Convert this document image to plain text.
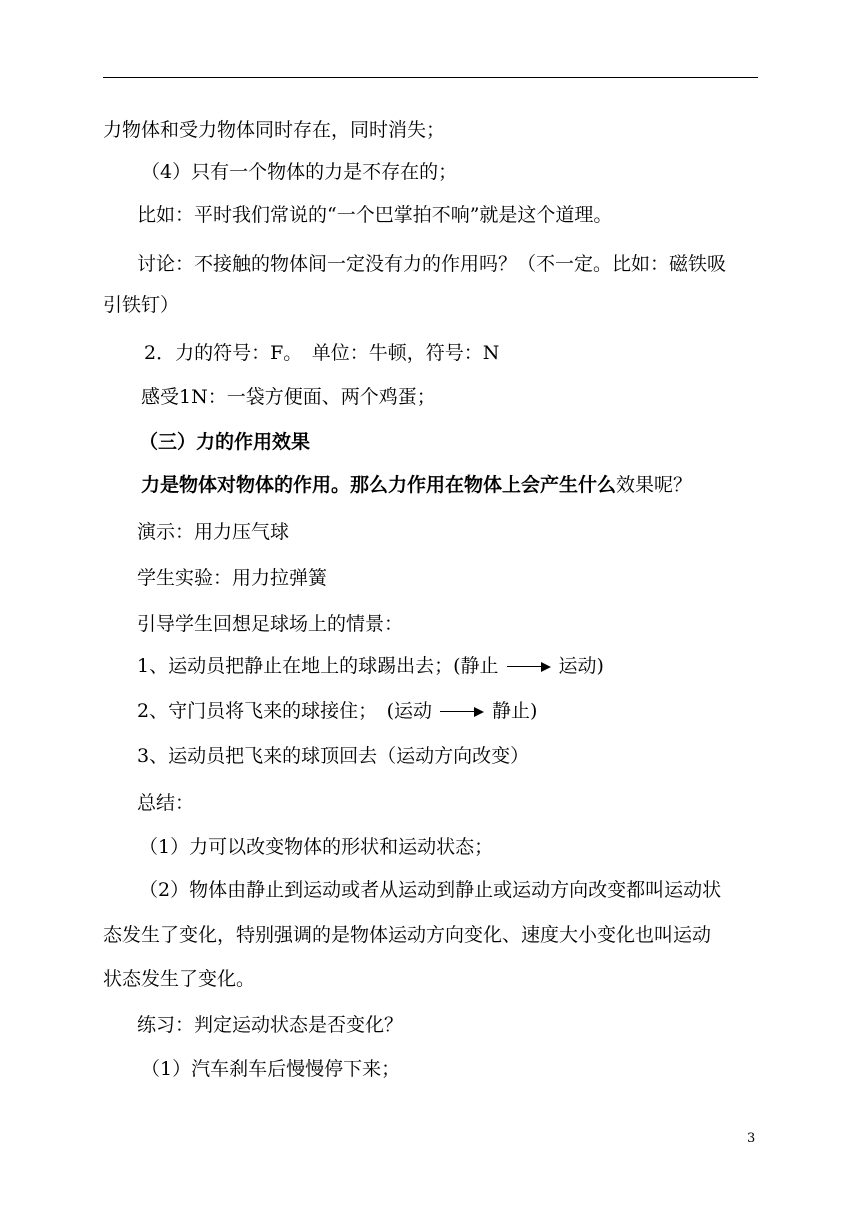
力物体和受力物体同时存在，同时消失；
（4）只有一个物体的力是不存在的；
比如：平时我们常说的“一个巴掌拍不响”就是这个道理。
讨论：不接触的物体间一定没有力的作用吗？（不一定。比如：磁铁吸
引铁钉）
2．力的符号：F。　单位：牛顿，符号：N
感受1N：一袋方便面、两个鸡蛋；
（三）力的作用效果
力是物体对物体的作用。那么力作用在物体上会产生什么效果呢？
演示：用力压气球
学生实验：用力拉弹簧
引导学生回想足球场上的情景：
1、运动员把静止在地上的球踢出去；(静止	运动)
2、守门员将飞来的球接住；　(运动	静止)
3、运动员把飞来的球顶回去（运动方向改变）
总结：
（1）力可以改变物体的形状和运动状态；
（2）物体由静止到运动或者从运动到静止或运动方向改变都叫运动状
态发生了变化，特别强调的是物体运动方向变化、速度大小变化也叫运动
状态发生了变化。
练习：判定运动状态是否变化？
（1）汽车刹车后慢慢停下来；
3
